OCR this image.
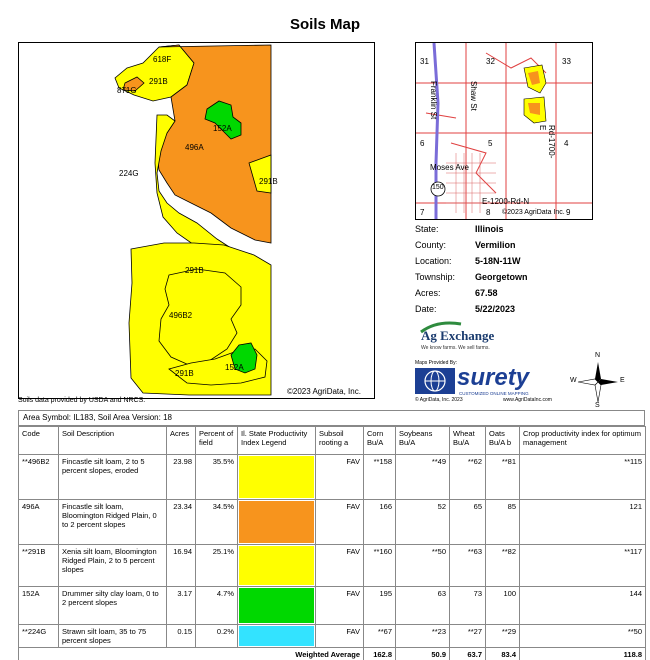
Soils Map
618F
291B
871G
152A
496A
224G
291B
291B
496B2
291B
152A
©2023 AgriData, Inc.
31	32	33
6	5	4
7	8	9
Franklin St	Shaw St
Rd-1700-E
Moses Ave
150
E-1200-Rd-N
©2023 AgriData Inc.
State:	Illinois
County:	Vermilion
Location:	5-18N-11W
Township:	Georgetown
Acres:	67.58
Date:	5/22/2023
Ag Exchange
We know farms. We sell farms.
Maps Provided By:
surety
CUSTOMIZED ONLINE MAPPING
© AgriData, Inc. 2023	www.AgriDataInc.com
N
S
W	E
Soils data provided by USDA and NRCS.
Area Symbol: IL183, Soil Area Version: 18
Code	Soil Description	Acres	Percent of field	Il. State Productivity Index Legend	Subsoil rooting a	Corn Bu/A	Soybeans Bu/A	Wheat Bu/A	Oats Bu/A b	Crop productivity index for optimum management
**496B2	Fincastle silt loam, 2 to 5 percent slopes, eroded	23.98	35.5%		FAV	**158	**49	**62	**81	**115
496A	Fincastle silt loam, Bloomington Ridged Plain, 0 to 2 percent slopes	23.34	34.5%		FAV	166	52	65	85	121
**291B	Xenia silt loam, Bloomington Ridged Plain, 2 to 5 percent slopes	16.94	25.1%		FAV	**160	**50	**63	**82	**117
152A	Drummer silty clay loam, 0 to 2 percent slopes	3.17	4.7%		FAV	195	63	73	100	144
**224G	Strawn silt loam, 35 to 75 percent slopes	0.15	0.2%		FAV	**67	**23	**27	**29	**50
Weighted Average						162.8	50.9	63.7	83.4	118.8
